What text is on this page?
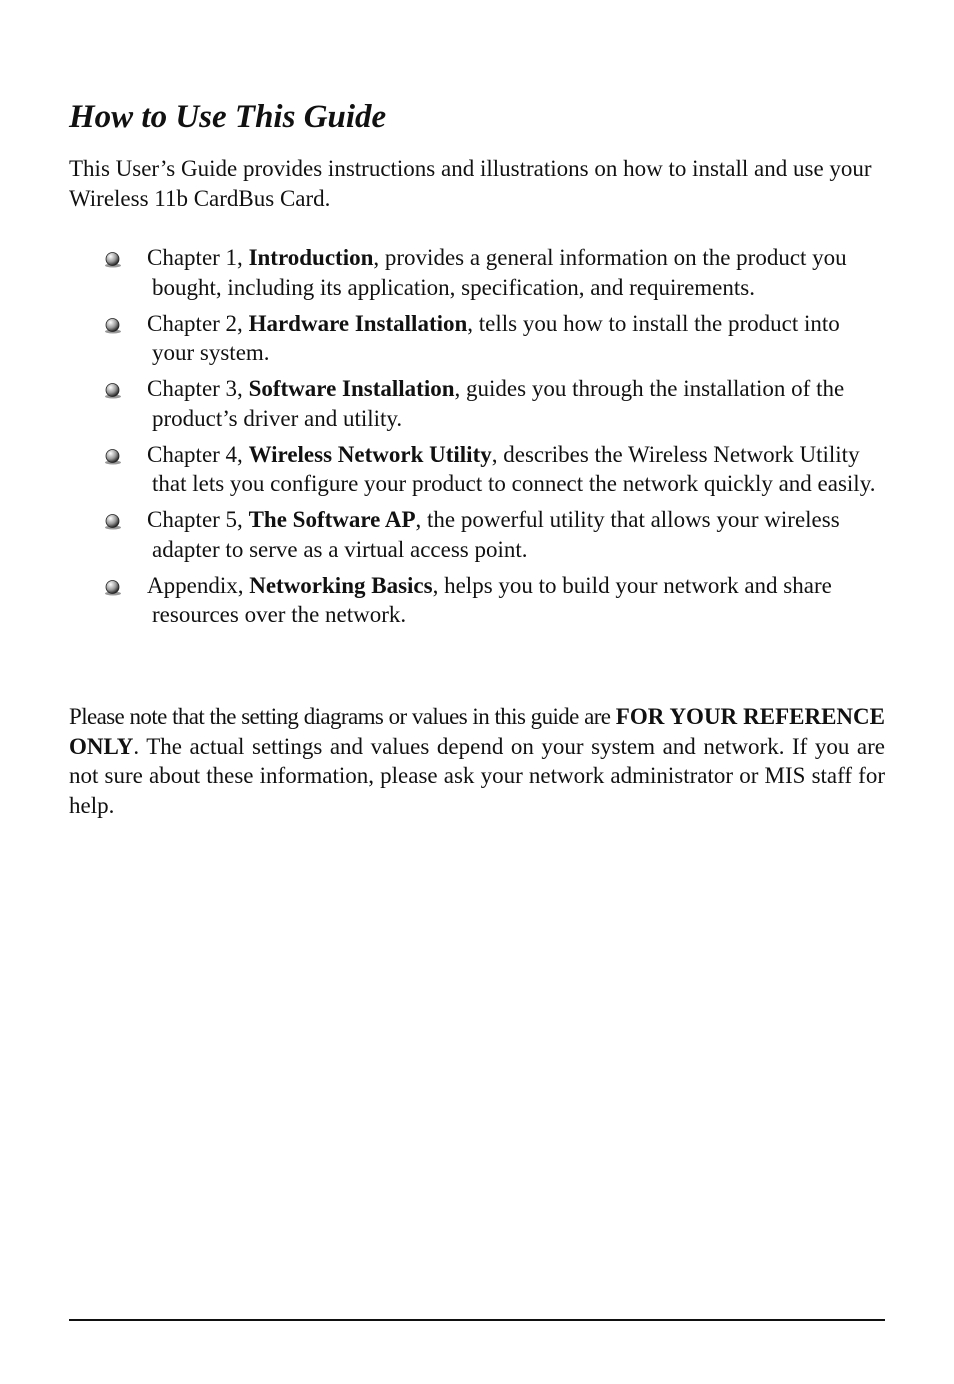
How to Use This Guide

This User’s Guide provides instructions and illustrations on how to install and use your Wireless 11b CardBus Card.

Chapter 1, Introduction, provides a general information on the product you bought, including its application, specification, and requirements.
Chapter 2, Hardware Installation, tells you how to install the product into your system.
Chapter 3, Software Installation, guides you through the installation of the product’s driver and utility.
Chapter 4, Wireless Network Utility, describes the Wireless Network Utility that lets you configure your product to connect the network quickly and easily.
Chapter 5, The Software AP, the powerful utility that allows your wireless adapter to serve as a virtual access point.
Appendix, Networking Basics, helps you to build your network and share resources over the network.

Please note that the setting diagrams or values in this guide are FOR YOUR REFERENCE ONLY. The actual settings and values depend on your system and network. If you are not sure about these information, please ask your network administrator or MIS staff for help.
